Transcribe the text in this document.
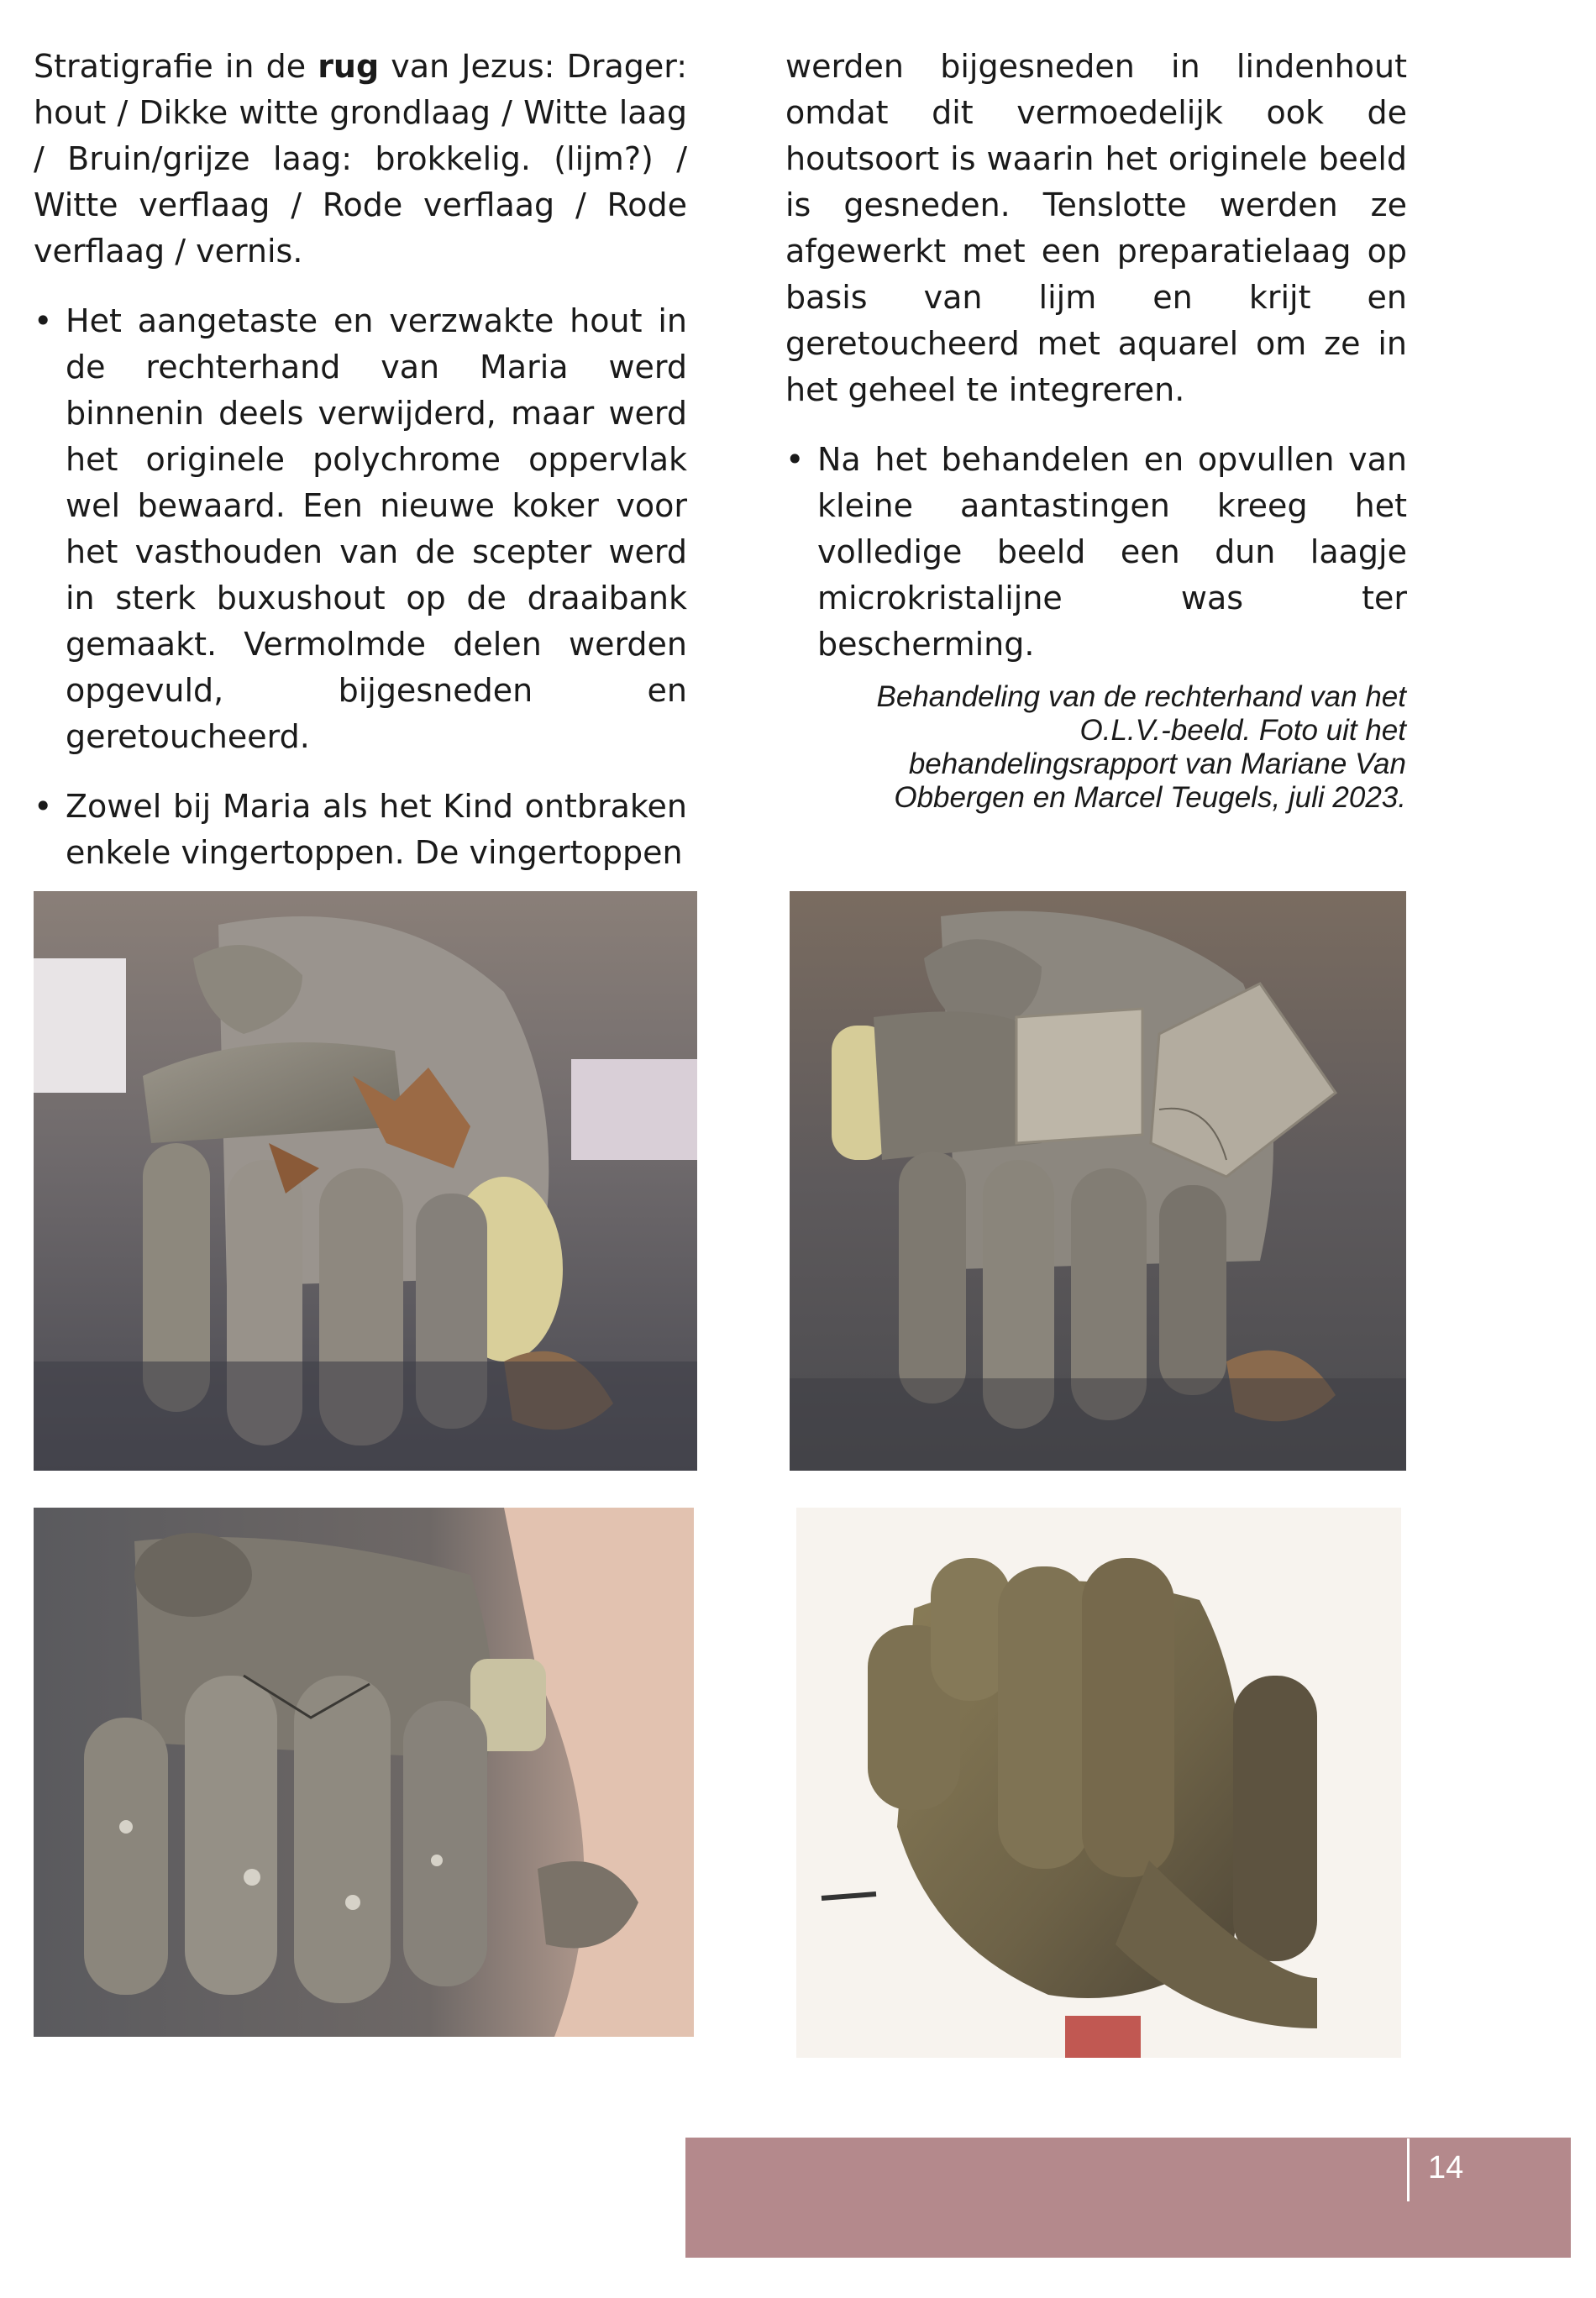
Stratigrafie in de rug van Jezus: Drager: hout / Dikke witte grondlaag / Witte laag / Bruin/grijze laag: brokkelig. (lijm?) / Witte verflaag / Rode verflaag / Rode verflaag / vernis.

• Het aangetaste en verzwakte hout in de rechterhand van Maria werd binnenin deels verwijderd, maar werd het originele polychrome oppervlak wel bewaard. Een nieuwe koker voor het vasthouden van de scepter werd in sterk buxushout op de draaibank gemaakt. Vermolmde delen werden opgevuld, bijgesneden en geretoucheerd.
• Zowel bij Maria als het Kind ontbraken enkele vingertoppen. De vingertoppen

werden bijgesneden in lindenhout omdat dit vermoedelijk ook de houtsoort is waarin het originele beeld is gesneden. Tenslotte werden ze afgewerkt met een preparatielaag op basis van lijm en krijt en geretoucheerd met aquarel om ze in het geheel te integreren.

• Na het behandelen en opvullen van kleine aantastingen kreeg het volledige beeld een dun laagje microkristalijne was ter bescherming.
Behandeling van de rechterhand van het
O.L.V.-beeld. Foto uit het
behandelingsrapport van Mariane Van
Obbergen en Marcel Teugels, juli 2023.
14
